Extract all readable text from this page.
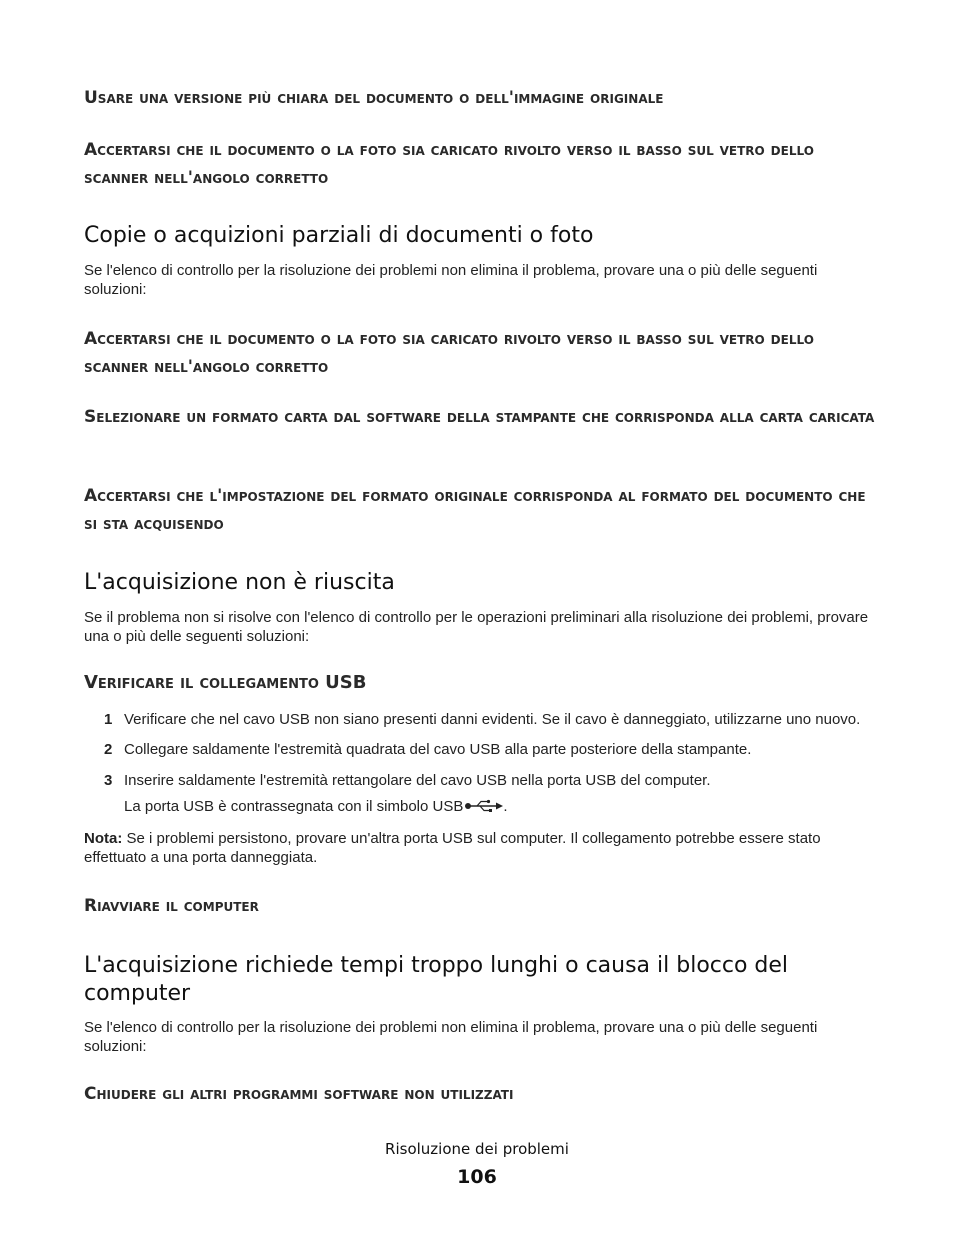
Usare una versione più chiara del documento o dell'immagine originale
Accertarsi che il documento o la foto sia caricato rivolto verso il basso sul vetro dello scanner nell'angolo corretto
Copie o acquizioni parziali di documenti o foto
Se l'elenco di controllo per la risoluzione dei problemi non elimina il problema, provare una o più delle seguenti soluzioni:
Accertarsi che il documento o la foto sia caricato rivolto verso il basso sul vetro dello scanner nell'angolo corretto
Selezionare un formato carta dal software della stampante che corrisponda alla carta caricata
Accertarsi che l'impostazione del formato originale corrisponda al formato del documento che si sta acquisendo
L'acquisizione non è riuscita
Se il problema non si risolve con l'elenco di controllo per le operazioni preliminari alla risoluzione dei problemi, provare una o più delle seguenti soluzioni:
Verificare il collegamento USB
1 Verificare che nel cavo USB non siano presenti danni evidenti. Se il cavo è danneggiato, utilizzarne uno nuovo.
2 Collegare saldamente l'estremità quadrata del cavo USB alla parte posteriore della stampante.
3 Inserire saldamente l'estremità rettangolare del cavo USB nella porta USB del computer.
La porta USB è contrassegnata con il simbolo USB	.
Nota: Se i problemi persistono, provare un'altra porta USB sul computer. Il collegamento potrebbe essere stato effettuato a una porta danneggiata.
Riavviare il computer
L'acquisizione richiede tempi troppo lunghi o causa il blocco del computer
Se l'elenco di controllo per la risoluzione dei problemi non elimina il problema, provare una o più delle seguenti soluzioni:
Chiudere gli altri programmi software non utilizzati
Risoluzione dei problemi
106
